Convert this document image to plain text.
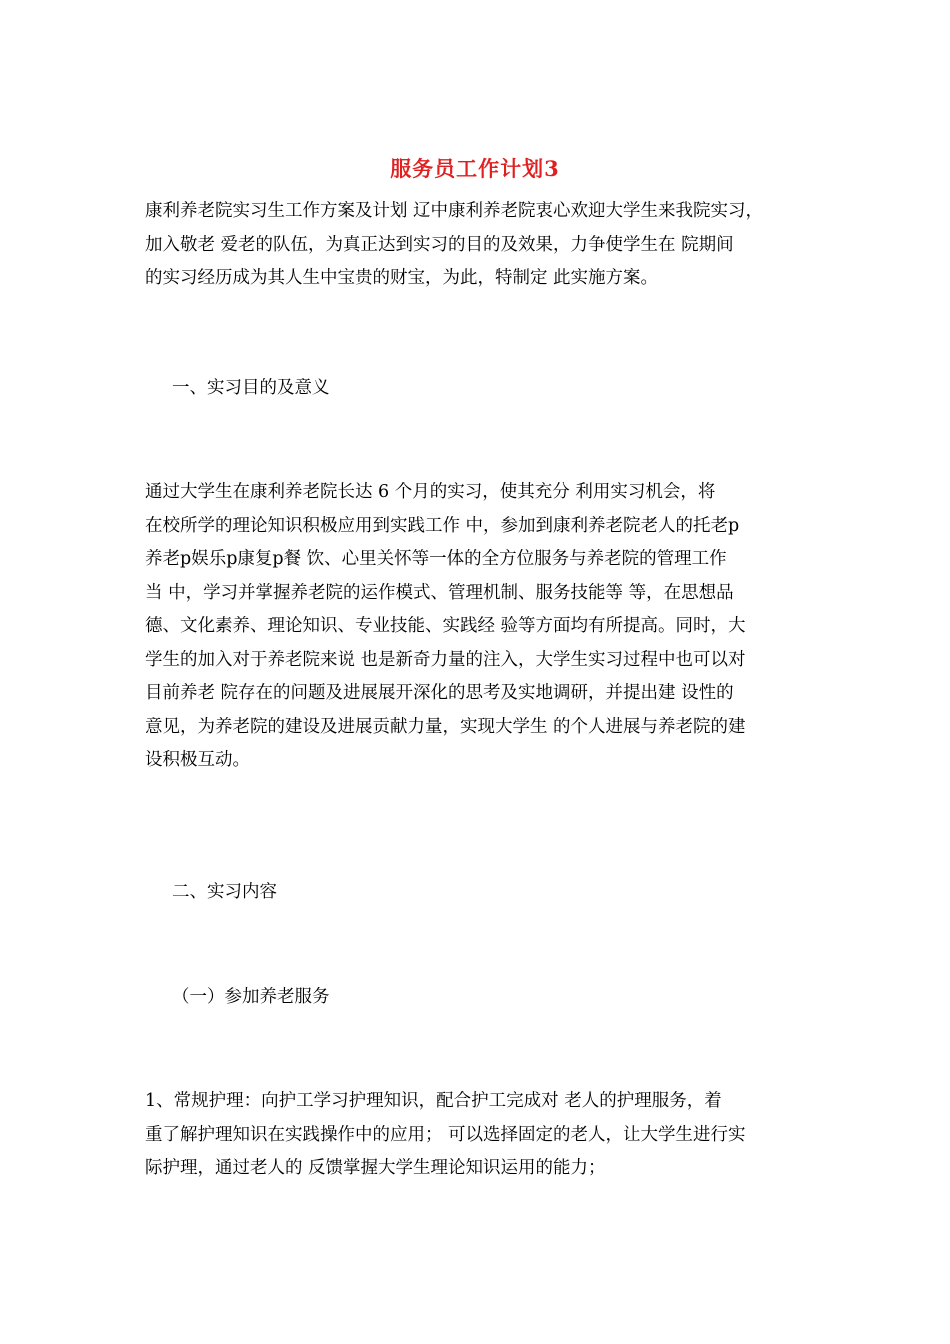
服务员工作计划3
康利养老院实习生工作方案及计划 辽中康利养老院衷心欢迎大学生来我院实习，
加入敬老 爱老的队伍，为真正达到实习的目的及效果，力争使学生在 院期间
的实习经历成为其人生中宝贵的财宝，为此，特制定 此实施方案。
一、实习目的及意义
通过大学生在康利养老院长达 6 个月的实习，使其充分 利用实习机会，将
在校所学的理论知识积极应用到实践工作 中，参加到康利养老院老人的托老p
养老p娱乐p康复p餐 饮、心里关怀等一体的全方位服务与养老院的管理工作
当 中，学习并掌握养老院的运作模式、管理机制、服务技能等 等，在思想品
德、文化素养、理论知识、专业技能、实践经 验等方面均有所提高。同时，大
学生的加入对于养老院来说 也是新奇力量的注入，大学生实习过程中也可以对
目前养老 院存在的问题及进展展开深化的思考及实地调研，并提出建 设性的
意见，为养老院的建设及进展贡献力量，实现大学生 的个人进展与养老院的建
设积极互动。
二、实习内容
（一）参加养老服务
1、常规护理：向护工学习护理知识，配合护工完成对 老人的护理服务，着
重了解护理知识在实践操作中的应用； 可以选择固定的老人，让大学生进行实
际护理，通过老人的 反馈掌握大学生理论知识运用的能力；
